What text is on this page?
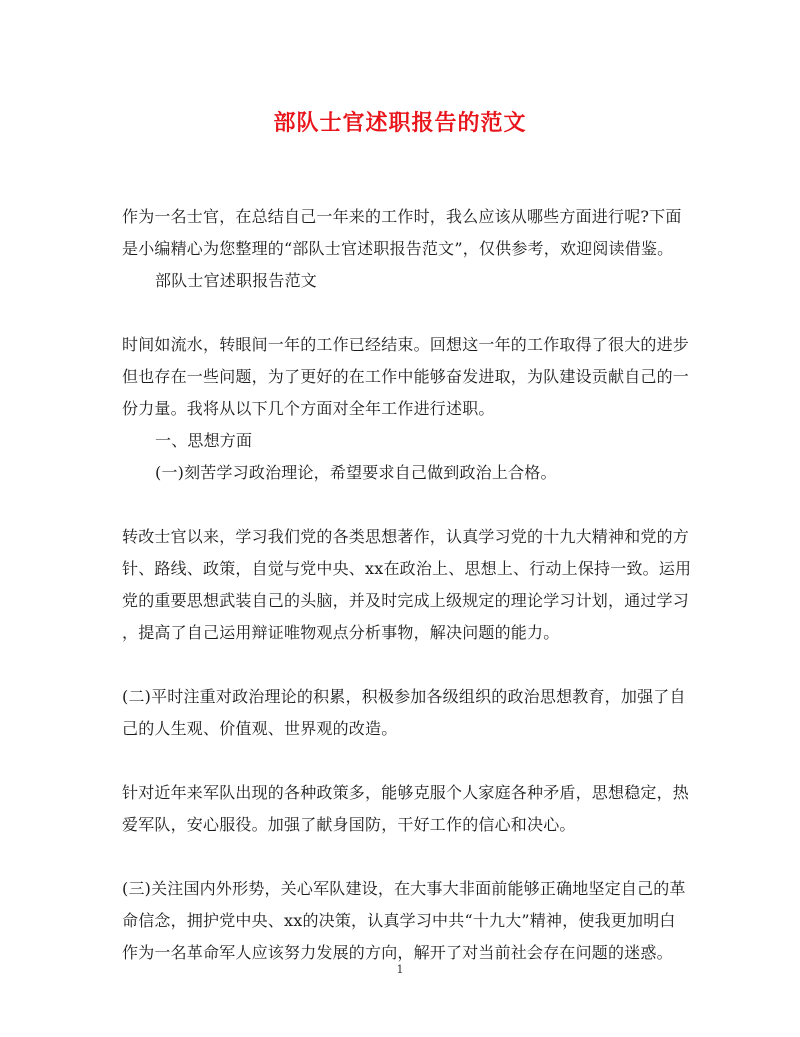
部队士官述职报告的范文
作为一名士官，在总结自己一年来的工作时，我么应该从哪些方面进行呢?下面
是小编精心为您整理的“部队士官述职报告范文”，仅供参考，欢迎阅读借鉴。
部队士官述职报告范文
时间如流水，转眼间一年的工作已经结束。回想这一年的工作取得了很大的进步
但也存在一些问题，为了更好的在工作中能够奋发进取，为队建设贡献自己的一
份力量。我将从以下几个方面对全年工作进行述职。
一、思想方面
(一)刻苦学习政治理论，希望要求自己做到政治上合格。
转改士官以来，学习我们党的各类思想著作，认真学习党的十九大精神和党的方
针、路线、政策，自觉与党中央、xx在政治上、思想上、行动上保持一致。运用
党的重要思想武装自己的头脑，并及时完成上级规定的理论学习计划，通过学习
，提高了自己运用辩证唯物观点分析事物，解决问题的能力。
(二)平时注重对政治理论的积累，积极参加各级组织的政治思想教育，加强了自
己的人生观、价值观、世界观的改造。
针对近年来军队出现的各种政策多，能够克服个人家庭各种矛盾，思想稳定，热
爱军队，安心服役。加强了献身国防，干好工作的信心和决心。
(三)关注国内外形势，关心军队建设，在大事大非面前能够正确地坚定自己的革
命信念，拥护党中央、xx的决策，认真学习中共“十九大”精神，使我更加明白
作为一名革命军人应该努力发展的方向，解开了对当前社会存在问题的迷惑。
1
